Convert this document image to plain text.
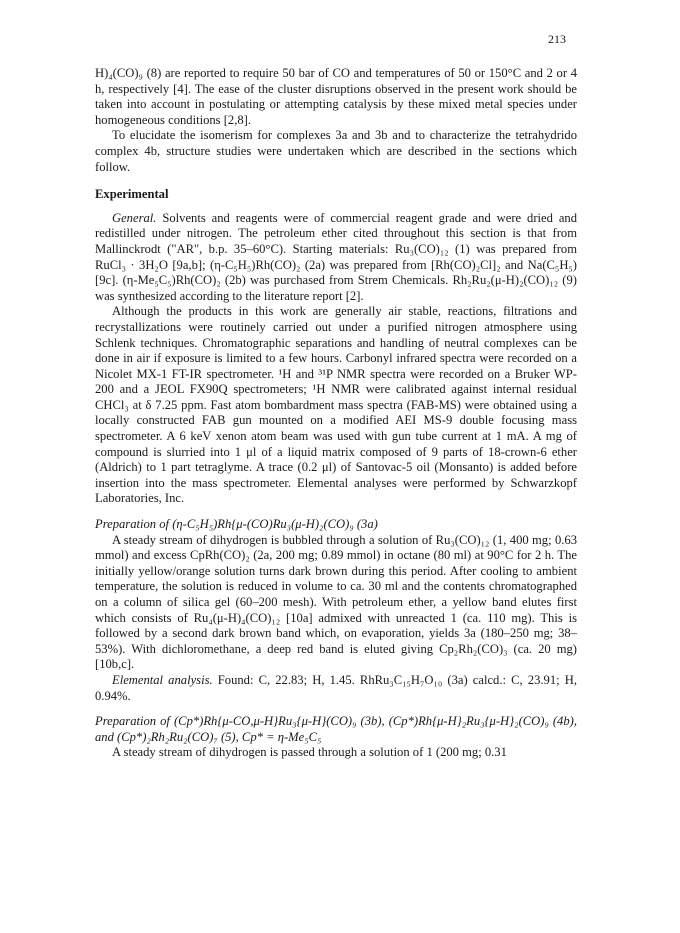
213

H)₄(CO)₉ (8) are reported to require 50 bar of CO and temperatures of 50 or 150°C and 2 or 4 h, respectively [4]. The ease of the cluster disruptions observed in the present work should be taken into account in postulating or attempting catalysis by these mixed metal species under homogeneous conditions [2,8].

To elucidate the isomerism for complexes 3a and 3b and to characterize the tetrahydrido complex 4b, structure studies were undertaken which are described in the sections which follow.

Experimental

General. Solvents and reagents were of commercial reagent grade and were dried and redistilled under nitrogen. The petroleum ether cited throughout this section is that from Mallinckrodt ("AR", b.p. 35–60°C). Starting materials: Ru₃(CO)₁₂ (1) was prepared from RuCl₃ · 3H₂O [9a,b]; (η-C₅H₅)Rh(CO)₂ (2a) was prepared from [Rh(CO)₂Cl]₂ and Na(C₅H₅) [9c]. (η-Me₅C₅)Rh(CO)₂ (2b) was purchased from Strem Chemicals. Rh₂Ru₂(μ-H)₂(CO)₁₂ (9) was synthesized according to the literature report [2].

Although the products in this work are generally air stable, reactions, filtrations and recrystallizations were routinely carried out under a purified nitrogen atmosphere using Schlenk techniques. Chromatographic separations and handling of neutral complexes can be done in air if exposure is limited to a few hours. Carbonyl infrared spectra were recorded on a Nicolet MX-1 FT-IR spectrometer. ¹H and ³¹P NMR spectra were recorded on a Bruker WP-200 and a JEOL FX90Q spectrometers; ¹H NMR were calibrated against internal residual CHCl₃ at δ 7.25 ppm. Fast atom bombardment mass spectra (FAB-MS) were obtained using a locally constructed FAB gun mounted on a modified AEI MS-9 double focusing mass spectrometer. A 6 keV xenon atom beam was used with gun tube current at 1 mA. A mg of compound is slurried into 1 μl of a liquid matrix composed of 9 parts of 18-crown-6 ether (Aldrich) to 1 part tetraglyme. A trace (0.2 μl) of Santovac-5 oil (Monsanto) is added before insertion into the mass spectrometer. Elemental analyses were performed by Schwarzkopf Laboratories, Inc.

Preparation of (η-C₅H₅)Rh{μ-(CO)Ru₃(μ-H)₂(CO)₉ (3a)

A steady stream of dihydrogen is bubbled through a solution of Ru₃(CO)₁₂ (1, 400 mg; 0.63 mmol) and excess CpRh(CO)₂ (2a, 200 mg; 0.89 mmol) in octane (80 ml) at 90°C for 2 h. The initially yellow/orange solution turns dark brown during this period. After cooling to ambient temperature, the solution is reduced in volume to ca. 30 ml and the contents chromatographed on a column of silica gel (60–200 mesh). With petroleum ether, a yellow band elutes first which consists of Ru₄(μ-H)₄(CO)₁₂ [10a] admixed with unreacted 1 (ca. 110 mg). This is followed by a second dark brown band which, on evaporation, yields 3a (180–250 mg; 38–53%). With dichloromethane, a deep red band is eluted giving Cp₂Rh₂(CO)₃ (ca. 20 mg) [10b,c].

Elemental analysis. Found: C, 22.83; H, 1.45. RhRu₃C₁₅H₇O₁₀ (3a) calcd.: C, 23.91; H, 0.94%.

Preparation of (Cp*)Rh{μ-CO,μ-H}Ru₃{μ-H}(CO)₉ (3b), (Cp*)Rh{μ-H}₂Ru₃{μ-H}₂(CO)₉ (4b), and (Cp*)₂Rh₂Ru₂(CO)₇ (5), Cp* = η-Me₅C₅

A steady stream of dihydrogen is passed through a solution of 1 (200 mg; 0.31
